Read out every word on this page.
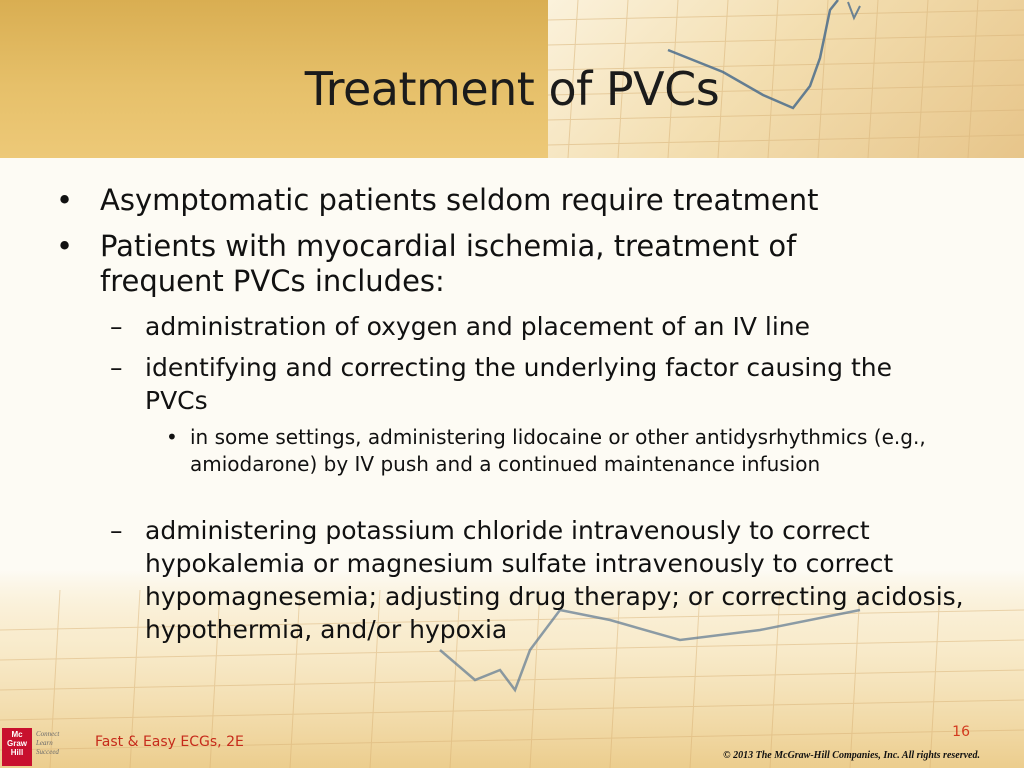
Treatment of PVCs
• Asymptomatic patients seldom require treatment
• Patients with myocardial ischemia, treatment of frequent PVCs includes:
– administration of oxygen and placement of an IV line
– identifying and correcting the underlying factor causing the PVCs
• in some settings, administering lidocaine or other antidysrhythmics (e.g., amiodarone) by IV push and a continued maintenance infusion
– administering potassium chloride intravenously to correct hypokalemia or magnesium sulfate intravenously to correct hypomagnesemia; adjusting drug therapy; or correcting acidosis, hypothermia, and/or hypoxia
Mc
Graw
Hill
Connect
Learn
Succeed
Fast & Easy ECGs, 2E
16
© 2013 The McGraw-Hill Companies, Inc. All rights reserved.
